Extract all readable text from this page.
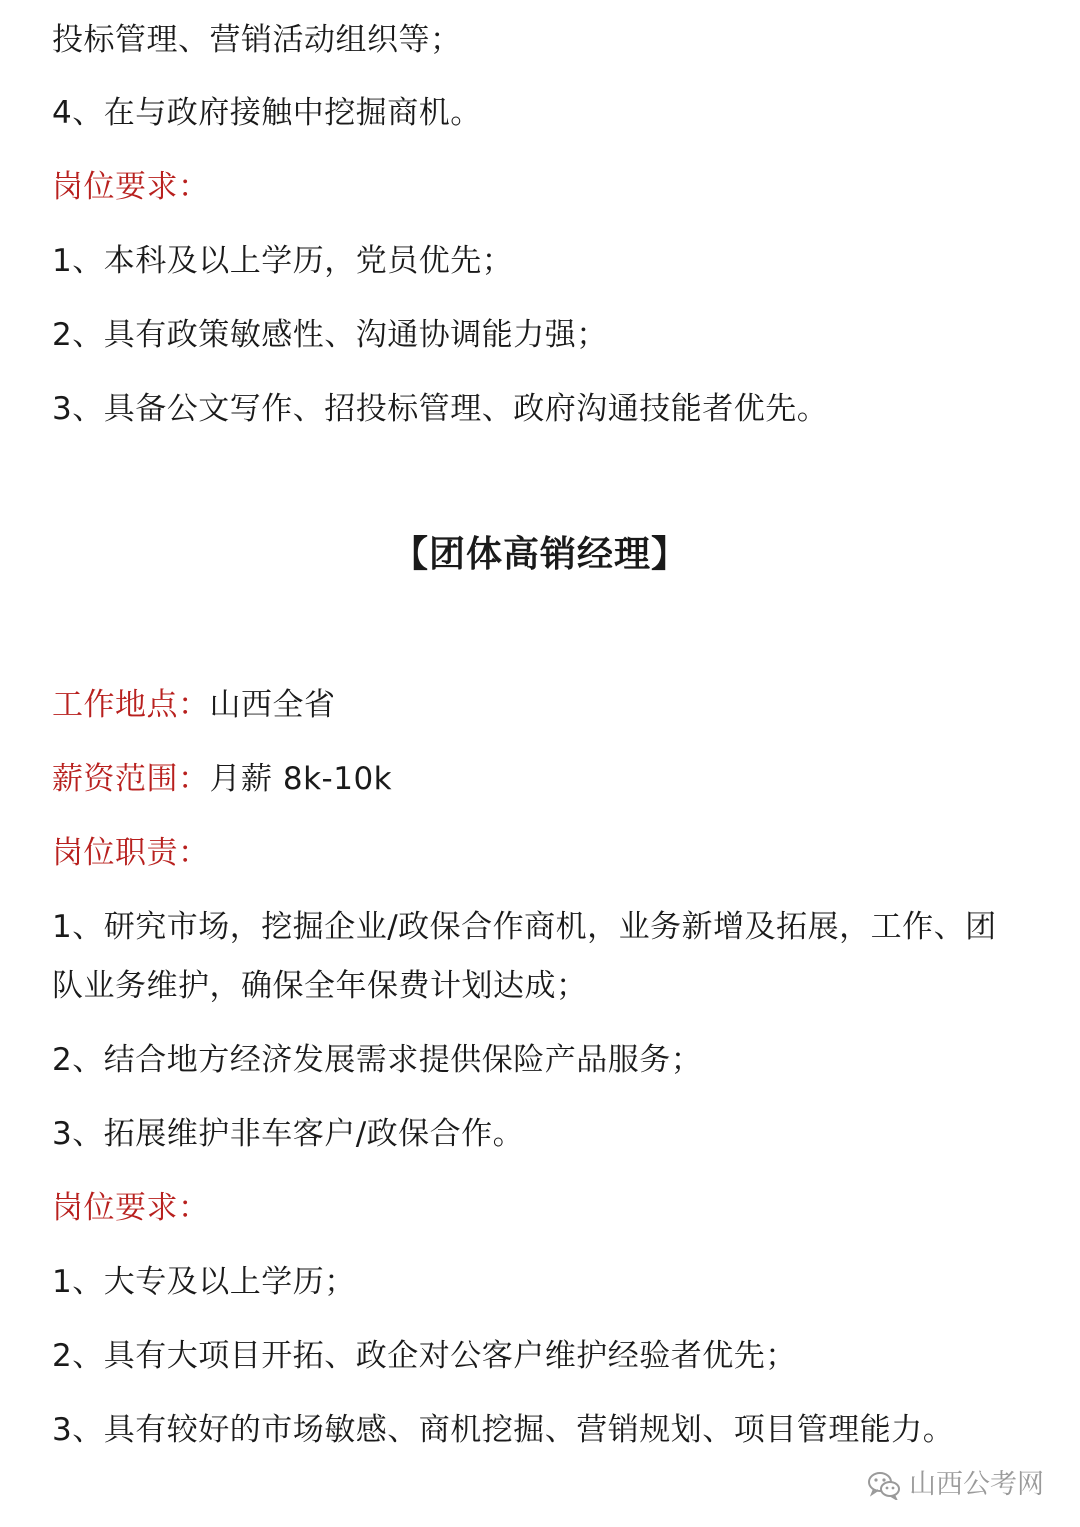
投标管理、营销活动组织等；
4、在与政府接触中挖掘商机。
岗位要求：
1、本科及以上学历，党员优先；
2、具有政策敏感性、沟通协调能力强；
3、具备公文写作、招投标管理、政府沟通技能者优先。
【团体高销经理】
工作地点：山西全省
薪资范围：月薪 8k-10k
岗位职责：
1、研究市场，挖掘企业/政保合作商机，业务新增及拓展，工作、团
队业务维护，确保全年保费计划达成；
2、结合地方经济发展需求提供保险产品服务；
3、拓展维护非车客户/政保合作。
岗位要求：
1、大专及以上学历；
2、具有大项目开拓、政企对公客户维护经验者优先；
3、具有较好的市场敏感、商机挖掘、营销规划、项目管理能力。
山西公考网
